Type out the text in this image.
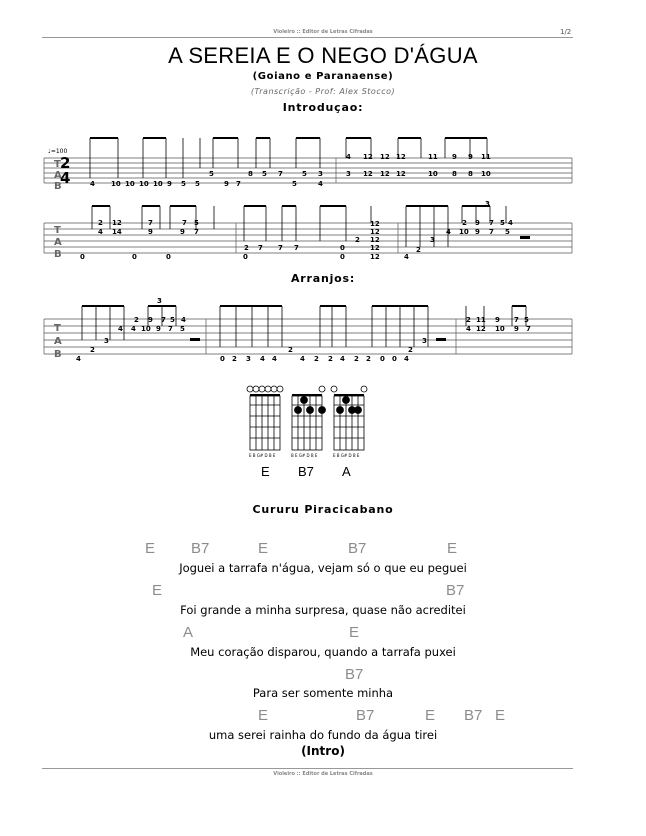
Violeiro :: Editor de Letras Cifradas	1/2
A SEREIA E O NEGO D'ÁGUA
(Goiano e Paranaense)
(Transcrição - Prof: Alex Stocco)
Introduçao:
♩=100
2
4
T
A
B
4 12 12 12	11 9 9 11
3 12 12 12	10 8 8 10
5	5
8	7	5 3
4 10 10 10 10 9 5 5	9 7	5	4
T
A
B
2 12	7	7 5	2 9 7 5 4
3
4 14	9	9 7	12	4 10 9 7 5
12
3
12
2
7 7 7
2	0	12
0	0	0	0	0	12	4
2
Arranjos:
T
A
B
2 9 7 5 4
3
2 11 9 7 5
4 4 10 9 7 5	4 12 10 9 7
3
2
3
2
2
4	0 2 3 4 4	4 2 2 4 2 2 0 0 4
E B G# D B E	B E G# D B E	E B G# D B E
E B7 A
Cururu Piracicabano
E B7	E	B7	E
Joguei a tarrafa n'água, vejam só o que eu peguei
E	B7
Foi grande a minha surpresa, quase não acreditei
A	E
Meu coração disparou, quando a tarrafa puxei
B7
Para ser somente minha
E	B7	E B7 E
uma serei rainha do fundo da água tirei
(Intro)
Violeiro :: Editor de Letras Cifradas
